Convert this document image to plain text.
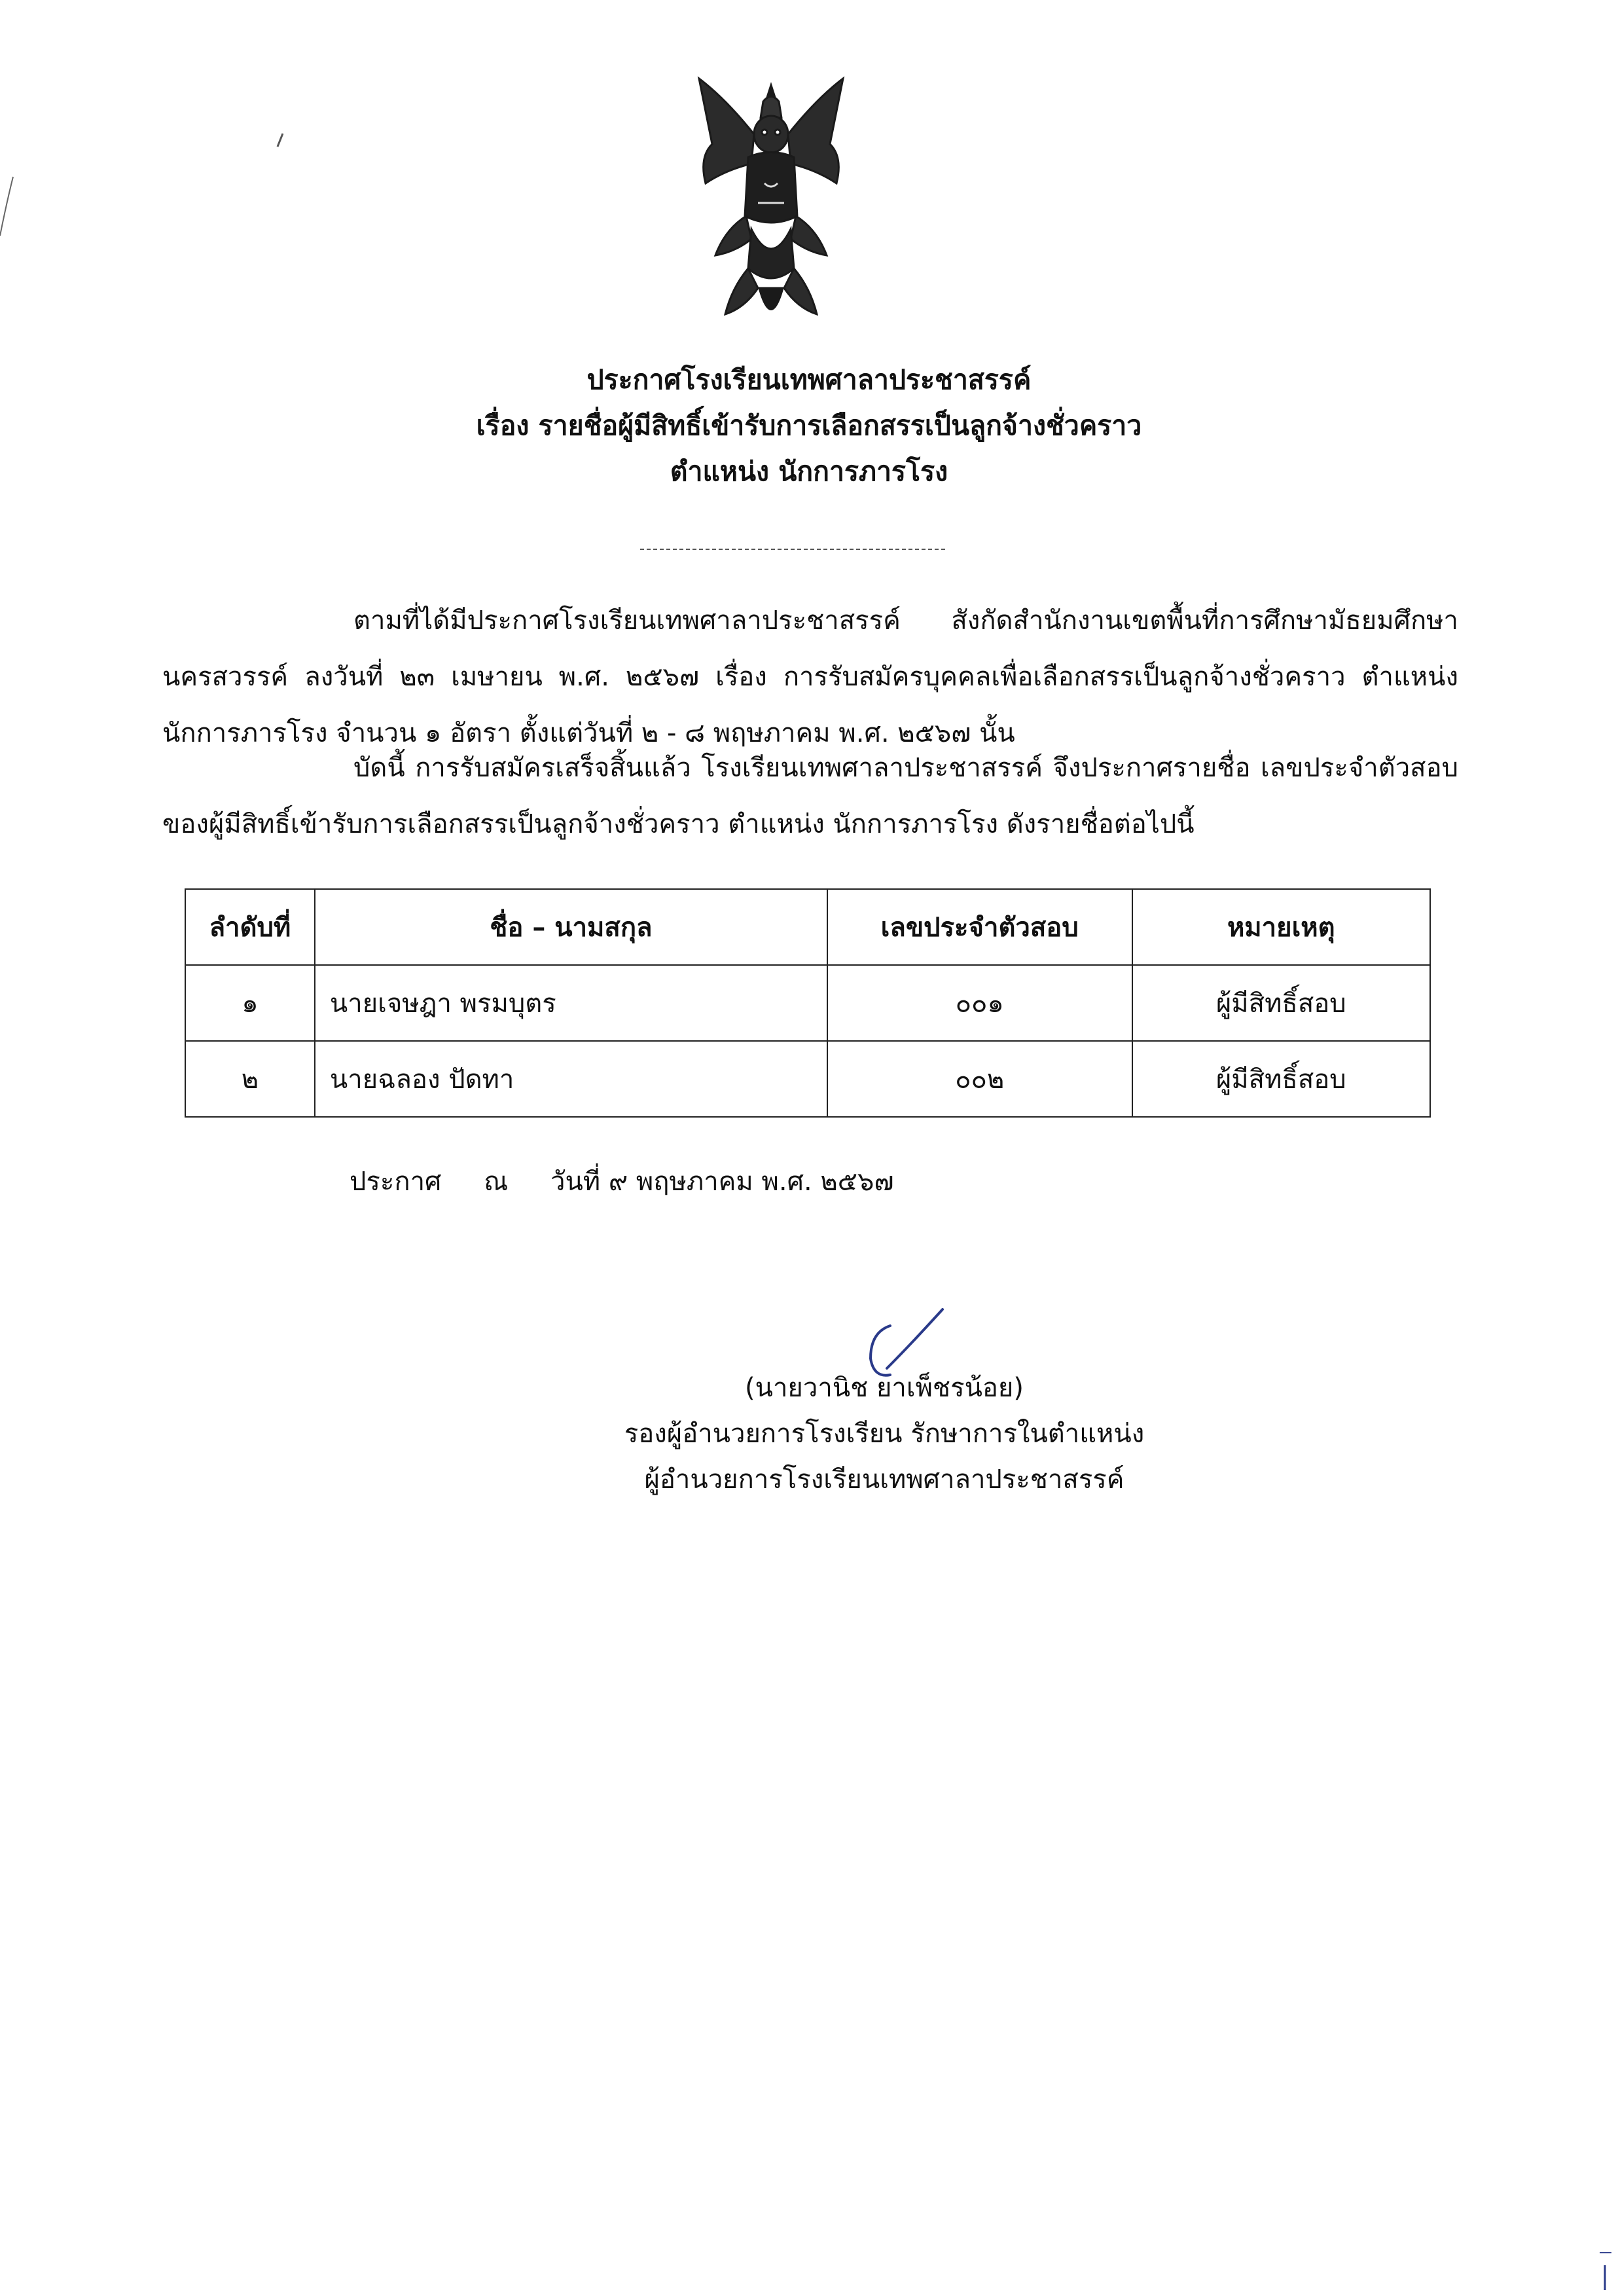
ประกาศโรงเรียนเทพศาลาประชาสรรค์
เรื่อง รายชื่อผู้มีสิทธิ์เข้ารับการเลือกสรรเป็นลูกจ้างชั่วคราว
ตำแหน่ง นักการภารโรง
ตามที่ได้มีประกาศโรงเรียนเทพศาลาประชาสรรค์ สังกัดสำนักงานเขตพื้นที่การศึกษามัธยมศึกษานครสวรรค์ ลงวันที่ ๒๓ เมษายน พ.ศ. ๒๕๖๗ เรื่อง การรับสมัครบุคคลเพื่อเลือกสรรเป็นลูกจ้างชั่วคราว ตำแหน่ง นักการภารโรง จำนวน ๑ อัตรา ตั้งแต่วันที่ ๒ - ๘ พฤษภาคม พ.ศ. ๒๕๖๗ นั้น
บัดนี้ การรับสมัครเสร็จสิ้นแล้ว โรงเรียนเทพศาลาประชาสรรค์ จึงประกาศรายชื่อ เลขประจำตัวสอบ ของผู้มีสิทธิ์เข้ารับการเลือกสรรเป็นลูกจ้างชั่วคราว ตำแหน่ง นักการภารโรง ดังรายชื่อต่อไปนี้
ลำดับที่	ชื่อ – นามสกุล	เลขประจำตัวสอบ	หมายเหตุ
๑	นายเจษฎา พรมบุตร	๐๐๑	ผู้มีสิทธิ์สอบ
๒	นายฉลอง ปัดทา	๐๐๒	ผู้มีสิทธิ์สอบ
ประกาศ ณ วันที่ ๙ พฤษภาคม พ.ศ. ๒๕๖๗
(นายวานิช ยาเพ็ชรน้อย)
รองผู้อำนวยการโรงเรียน รักษาการในตำแหน่ง
ผู้อำนวยการโรงเรียนเทพศาลาประชาสรรค์
